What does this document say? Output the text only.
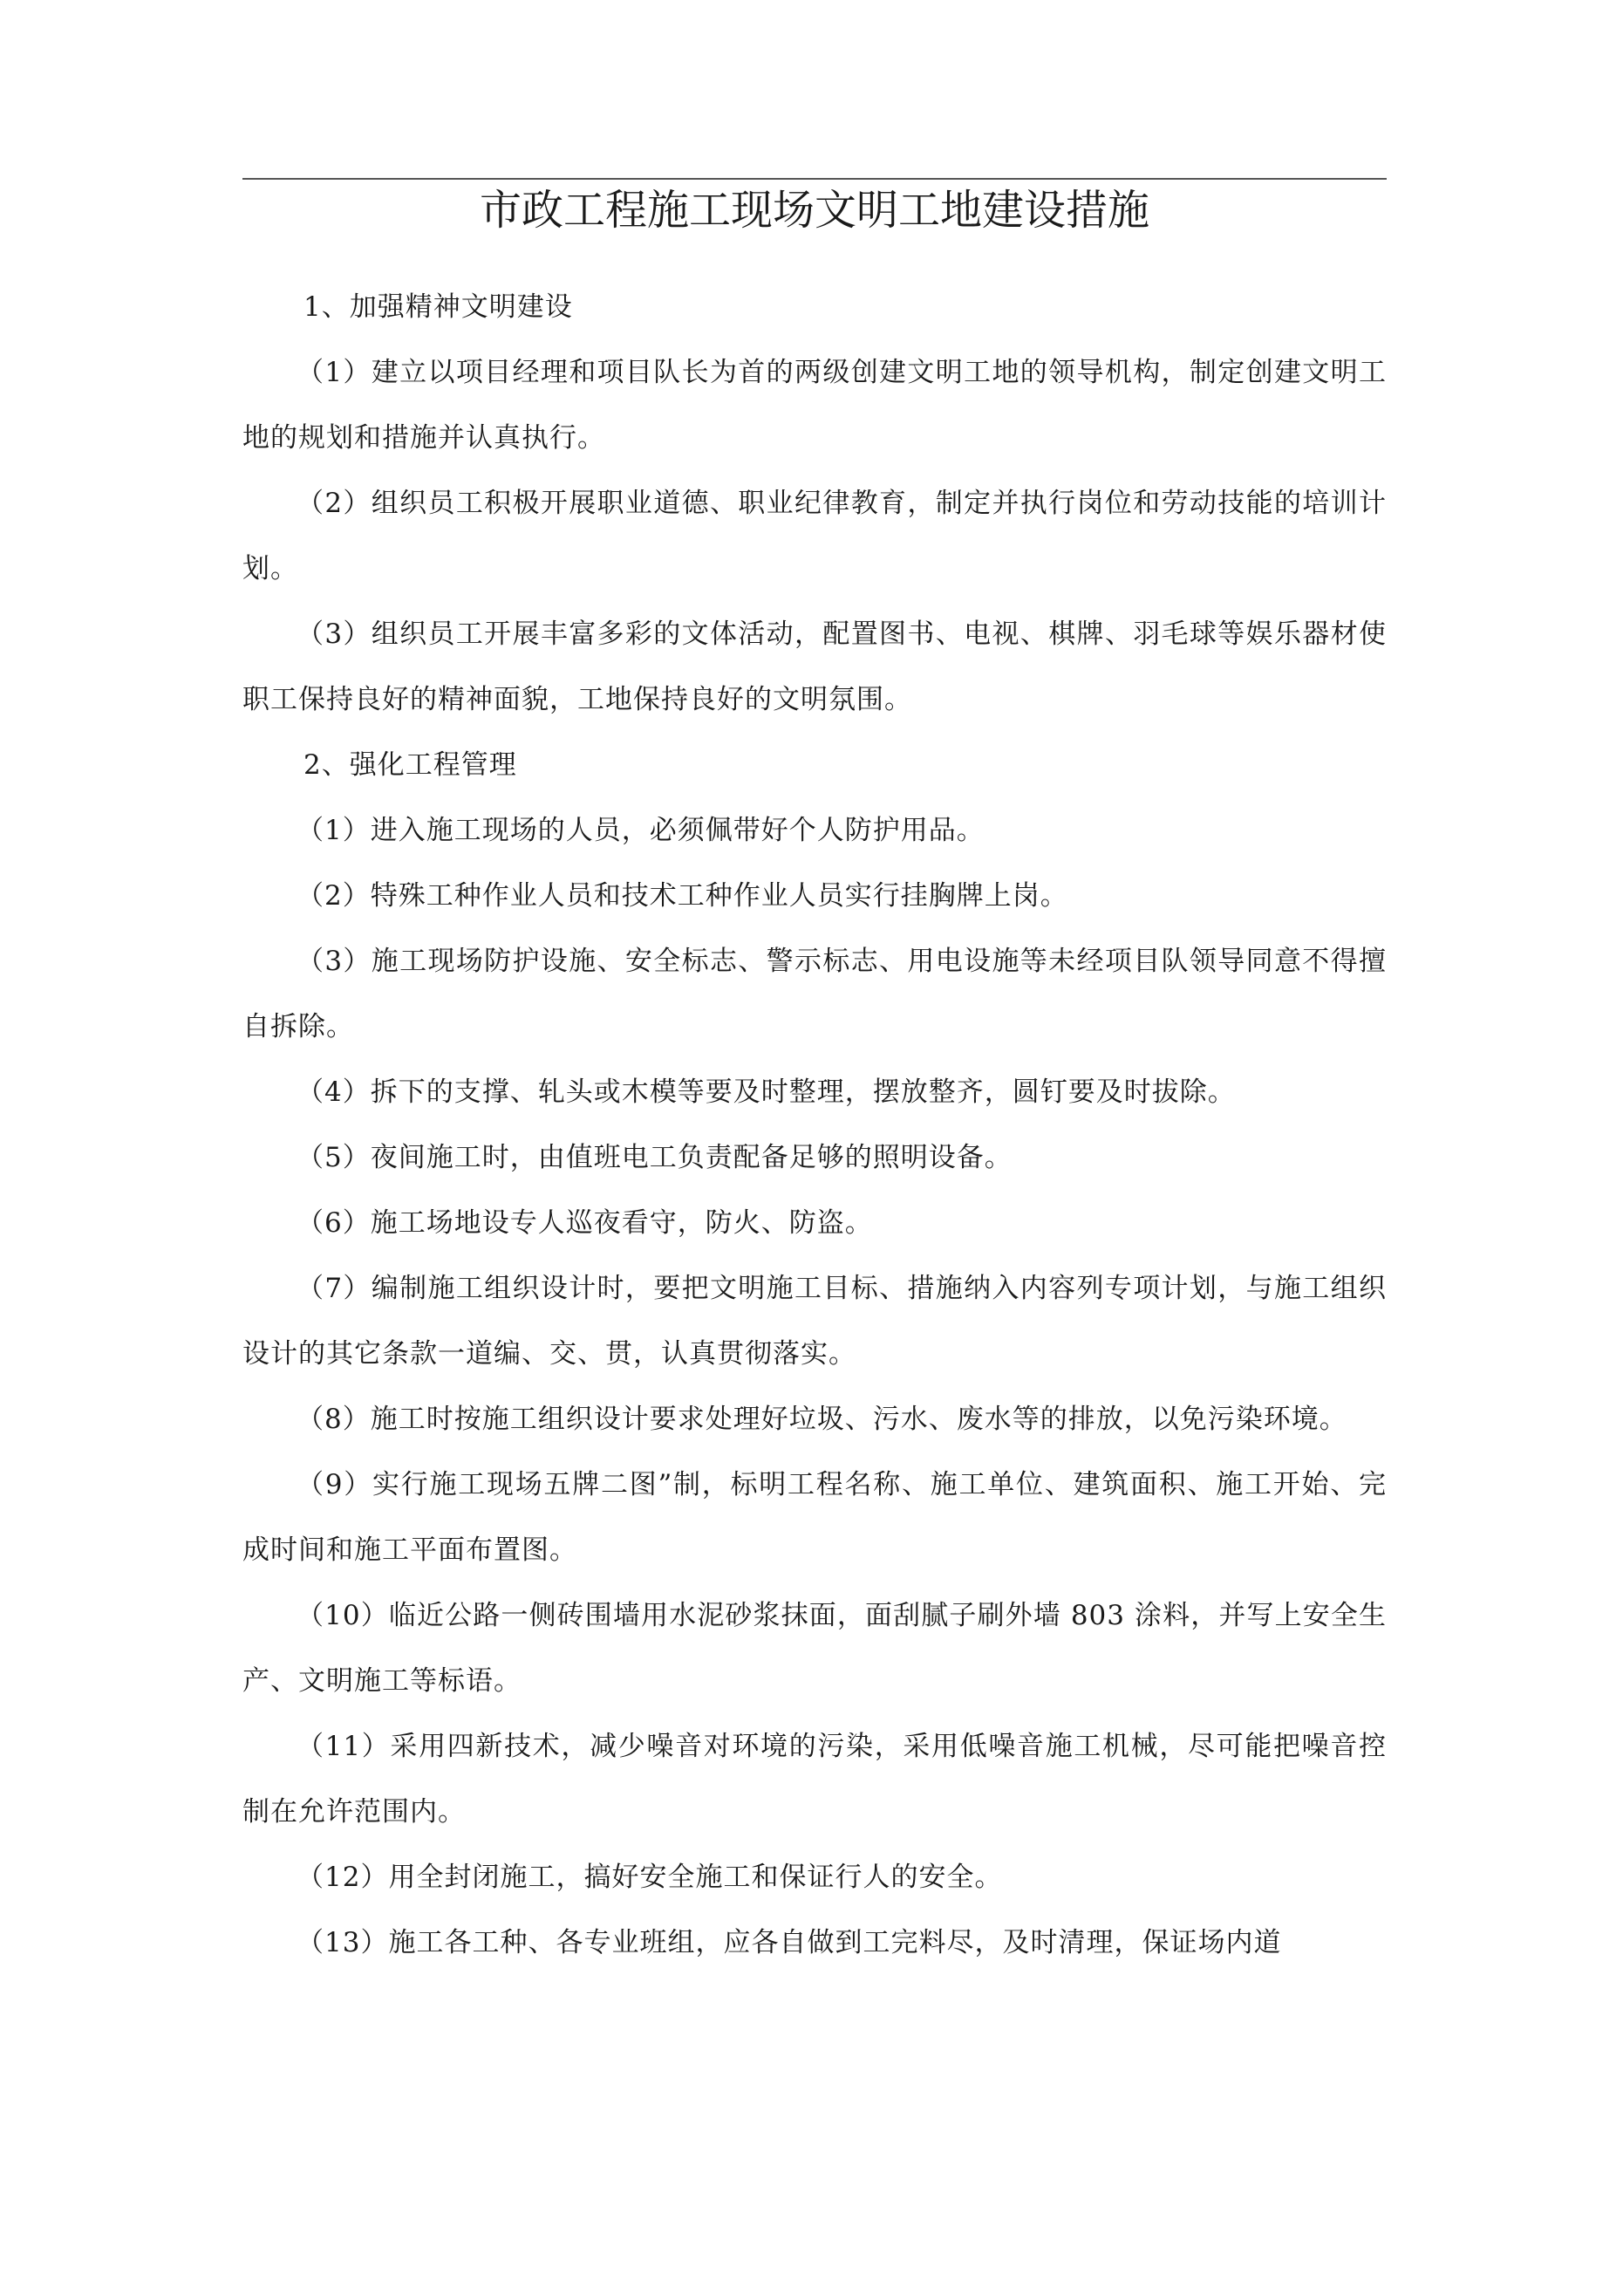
市政工程施工现场文明工地建设措施
1、加强精神文明建设

（1）建立以项目经理和项目队长为首的两级创建文明工地的领导机构，制定创建文明工地的规划和措施并认真执行。

（2）组织员工积极开展职业道德、职业纪律教育，制定并执行岗位和劳动技能的培训计划。

（3）组织员工开展丰富多彩的文体活动，配置图书、电视、棋牌、羽毛球等娱乐器材使职工保持良好的精神面貌，工地保持良好的文明氛围。

2、强化工程管理

（1）进入施工现场的人员，必须佩带好个人防护用品。

（2）特殊工种作业人员和技术工种作业人员实行挂胸牌上岗。

（3）施工现场防护设施、安全标志、警示标志、用电设施等未经项目队领导同意不得擅自拆除。

（4）拆下的支撑、轧头或木模等要及时整理，摆放整齐，圆钉要及时拔除。

（5）夜间施工时，由值班电工负责配备足够的照明设备。

（6）施工场地设专人巡夜看守，防火、防盗。

（7）编制施工组织设计时，要把文明施工目标、措施纳入内容列专项计划，与施工组织设计的其它条款一道编、交、贯，认真贯彻落实。

（8）施工时按施工组织设计要求处理好垃圾、污水、废水等的排放，以免污染环境。

（9）实行施工现场五牌二图”制，标明工程名称、施工单位、建筑面积、施工开始、完成时间和施工平面布置图。

（10）临近公路一侧砖围墙用水泥砂浆抹面，面刮腻子刷外墙 803 涂料，并写上安全生产、文明施工等标语。

（11）采用四新技术，减少噪音对环境的污染，采用低噪音施工机械，尽可能把噪音控制在允许范围内。

（12）用全封闭施工，搞好安全施工和保证行人的安全。

（13）施工各工种、各专业班组，应各自做到工完料尽，及时清理，保证场内道
